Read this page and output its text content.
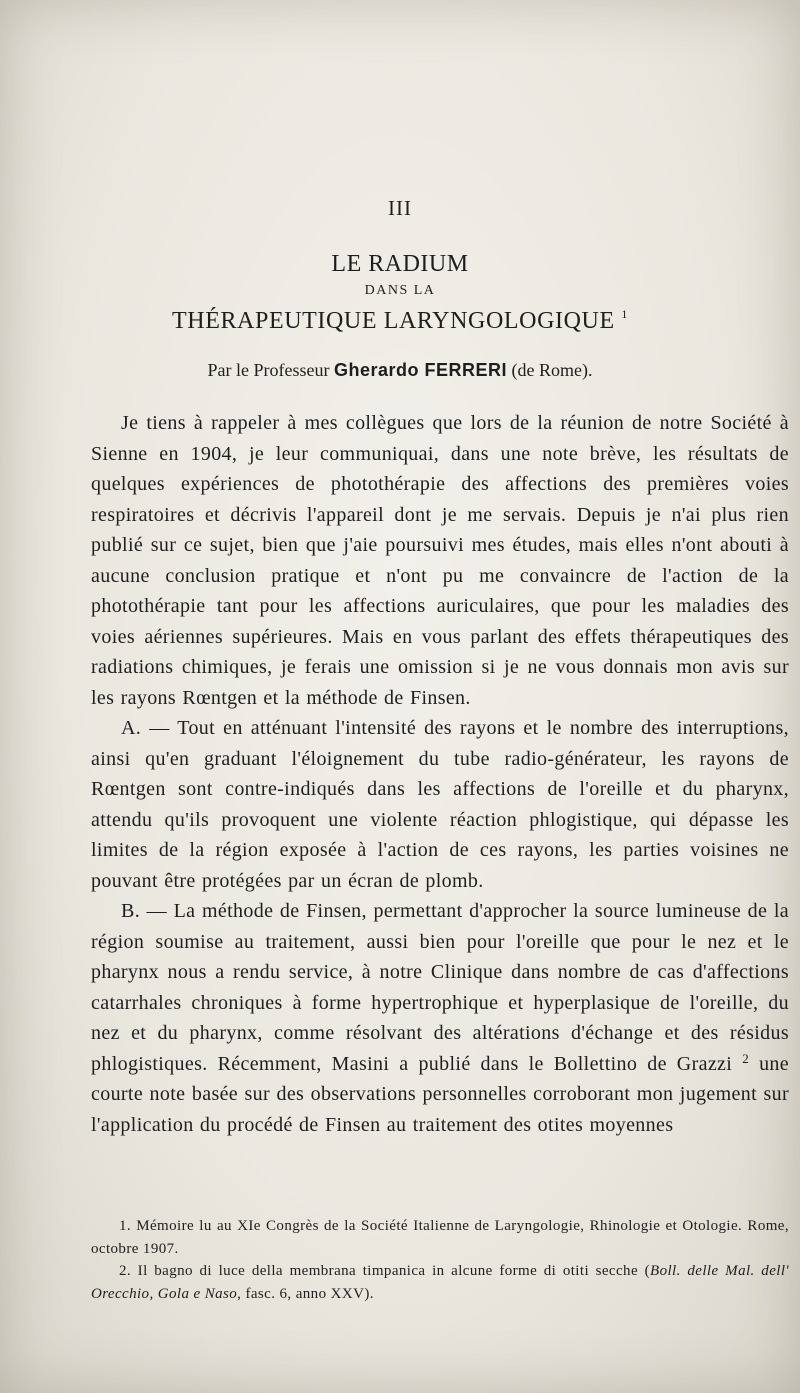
III
LE RADIUM
DANS LA
THÉRAPEUTIQUE LARYNGOLOGIQUE $^1$
Par le Professeur Gherardo FERRERI (de Rome).

Je tiens à rappeler à mes collègues que lors de la réunion de notre Société à Sienne en 1904, je leur communiquai, dans une note brève, les résultats de quelques expériences de photothérapie des affections des premières voies respiratoires et décrivis l'appareil dont je me servais. Depuis je n'ai plus rien publié sur ce sujet, bien que j'aie poursuivi mes études, mais elles n'ont abouti à aucune conclusion pratique et n'ont pu me convaincre de l'action de la photothérapie tant pour les affections auriculaires, que pour les maladies des voies aériennes supérieures. Mais en vous parlant des effets thérapeutiques des radiations chimiques, je ferais une omission si je ne vous donnais mon avis sur les rayons Rœntgen et la méthode de Finsen.

A. — Tout en atténuant l'intensité des rayons et le nombre des interruptions, ainsi qu'en graduant l'éloignement du tube radio-générateur, les rayons de Rœntgen sont contre-indiqués dans les affections de l'oreille et du pharynx, attendu qu'ils provoquent une violente réaction phlogistique, qui dépasse les limites de la région exposée à l'action de ces rayons, les parties voisines ne pouvant être protégées par un écran de plomb.

B. — La méthode de Finsen, permettant d'approcher la source lumineuse de la région soumise au traitement, aussi bien pour l'oreille que pour le nez et le pharynx nous a rendu service, à notre Clinique dans nombre de cas d'affections catarrhales chroniques à forme hypertrophique et hyperplasique de l'oreille, du nez et du pharynx, comme résolvant des altérations d'échange et des résidus phlogistiques. Récemment, Masini a publié dans le Bollettino de Grazzi $^2$ une courte note basée sur des observations personnelles corroborant mon jugement sur l'application du procédé de Finsen au traitement des otites moyennes

1. Mémoire lu au XIe Congrès de la Société Italienne de Laryngologie, Rhinologie et Otologie. Rome, octobre 1907.

2. Il bagno di luce della membrana timpanica in alcune forme di otiti secche (Boll. delle Mal. dell' Orecchio, Gola e Naso, fasc. 6, anno XXV).
